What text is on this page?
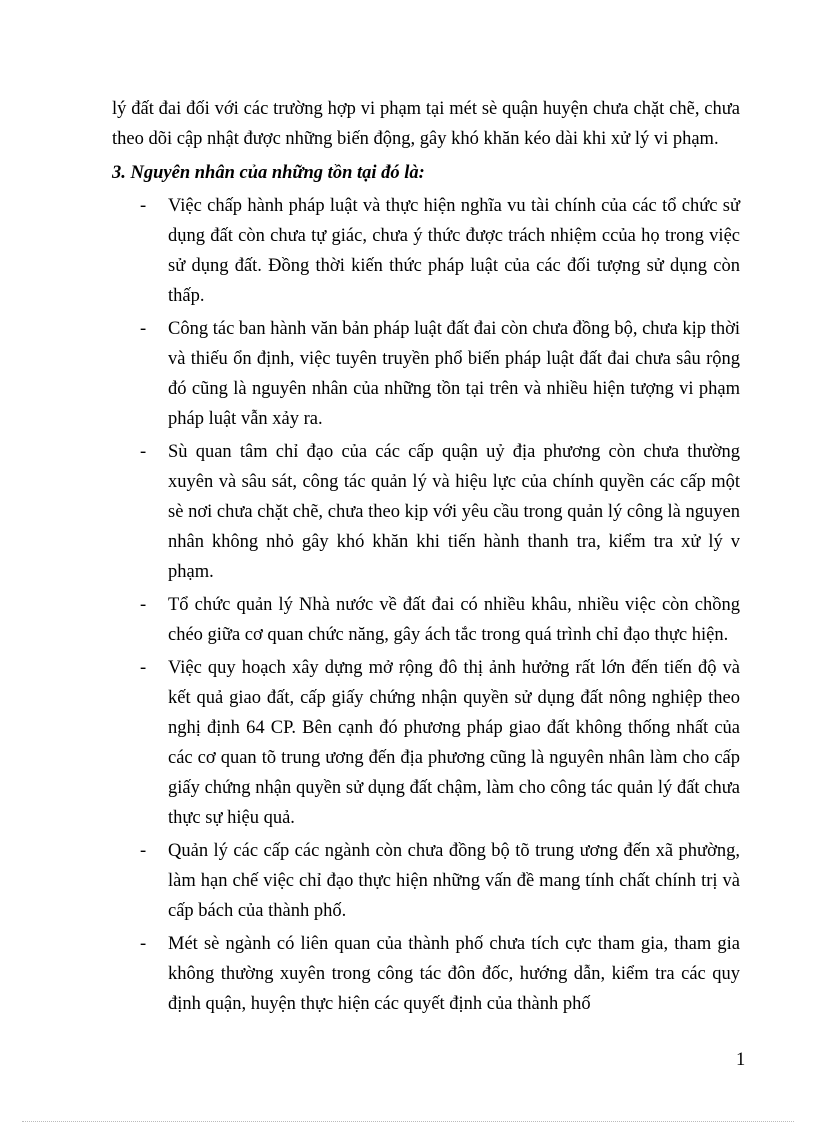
lý đất đai đối với các trường hợp vi phạm tại mét sè quận huyện chưa chặt chẽ, chưa theo dõi cập nhật được những biến động, gây khó khăn kéo dài khi xử lý vi phạm.

3. Nguyên nhân của những tồn tại đó là:

- Việc chấp hành pháp luật và thực hiện nghĩa vu tài chính của các tổ chức sử dụng đất còn chưa tự giác, chưa ý thức được trách nhiệm ccủa họ trong việc sử dụng đất. Đồng thời kiến thức pháp luật của các đối tượng sử dụng còn thấp.
- Công tác ban hành văn bản pháp luật đất đai còn chưa đồng bộ, chưa kịp thời và thiếu ổn định, việc tuyên truyền phổ biến pháp luật đất đai chưa sâu rộng đó cũng là nguyên nhân của những tồn tại trên và nhiều hiện tượng vi phạm pháp luật vẫn xảy ra.
- Sù quan tâm chỉ đạo của các cấp quận uỷ địa phương còn chưa thường xuyên và sâu sát, công tác quản lý và hiệu lực của chính quyền các cấp một sè nơi chưa chặt chẽ, chưa theo kịp với yêu cầu trong quản lý công là nguyen nhân không nhỏ gây khó khăn khi tiến hành thanh tra, kiểm tra xử lý v phạm.
- Tổ chức quản lý Nhà nước về đất đai có nhiều khâu, nhiều việc còn chồng chéo giữa cơ quan chức năng, gây ách tắc trong quá trình chỉ đạo thực hiện.
- Việc quy hoạch xây dựng mở rộng đô thị ảnh hưởng rất lớn đến tiến độ và kết quả giao đất, cấp giấy chứng nhận quyền sử dụng đất nông nghiệp theo nghị định 64 CP. Bên cạnh đó phương pháp giao đất không thống nhất của các cơ quan tõ trung ương đến địa phương cũng là nguyên nhân làm cho cấp giấy chứng nhận quyền sử dụng đất chậm, làm cho công tác quản lý đất chưa thực sự hiệu quả.
- Quản lý các cấp các ngành còn chưa đồng bộ tõ trung ương đến xã phường, làm hạn chế việc chỉ đạo thực hiện những vấn đề mang tính chất chính trị và cấp bách của thành phố.
- Mét sè ngành có liên quan của thành phố chưa tích cực tham gia, tham gia không thường xuyên trong công tác đôn đốc, hướng dẫn, kiểm tra các quy định quận, huyện thực hiện các quyết định của thành phố
1
